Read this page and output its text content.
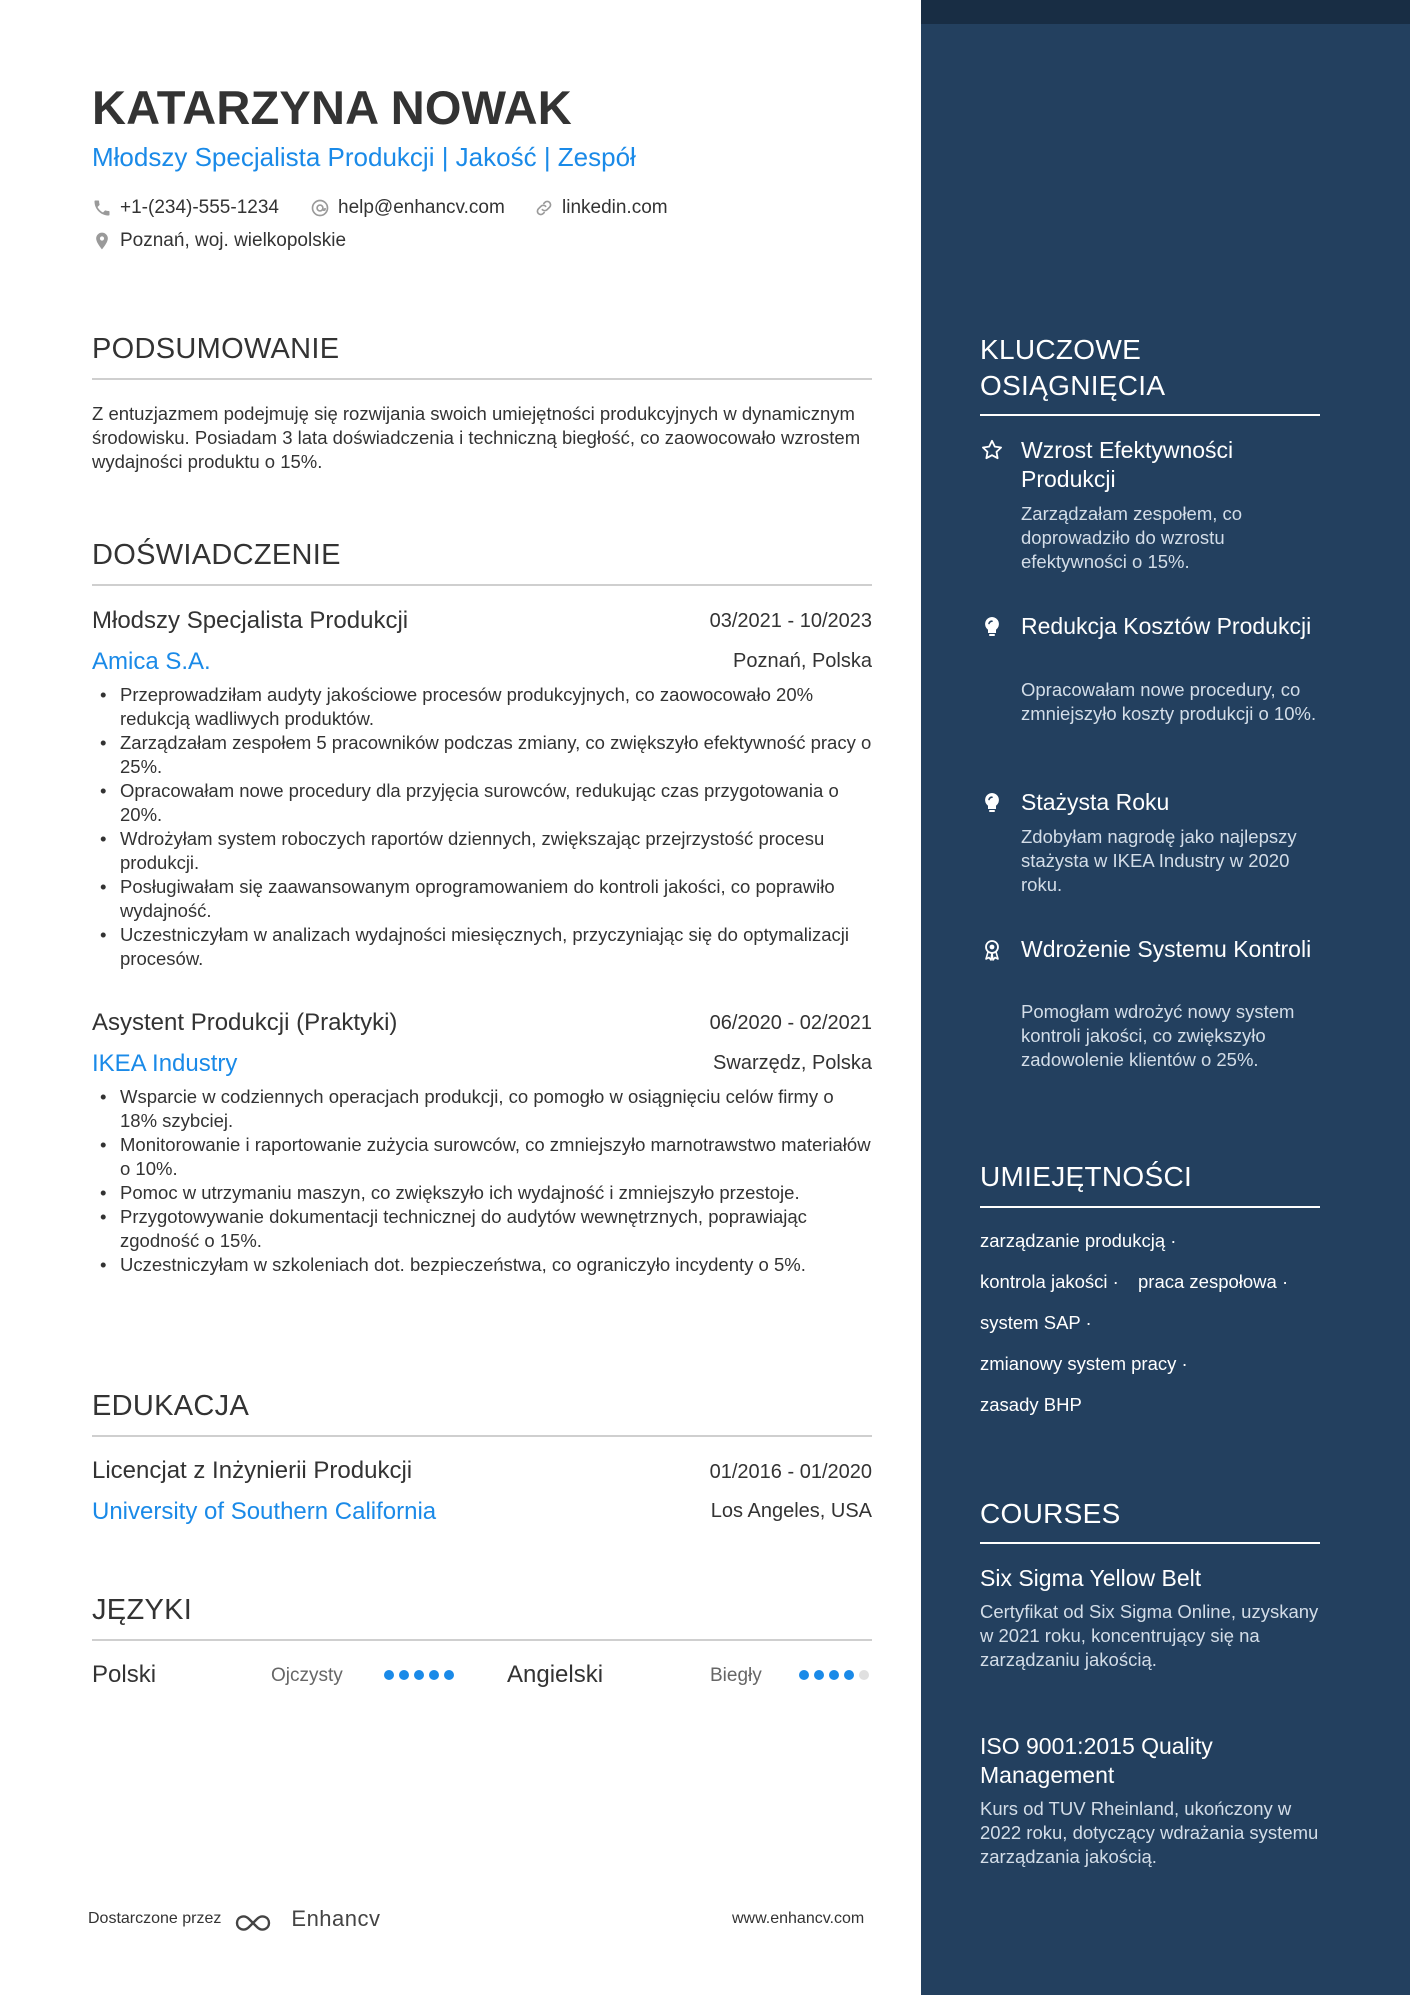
KATARZYNA NOWAK
Młodszy Specjalista Produkcji | Jakość | Zespół
+1-(234)-555-1234	help@enhancv.com	linkedin.com
Poznań, woj. wielkopolskie
PODSUMOWANIE
Z entuzjazmem podejmuję się rozwijania swoich umiejętności produkcyjnych w dynamicznym środowisku. Posiadam 3 lata doświadczenia i techniczną biegłość, co zaowocowało wzrostem wydajności produktu o 15%.
DOŚWIADCZENIE
Młodszy Specjalista Produkcji	03/2021 - 10/2023
Amica S.A.	Poznań, Polska
• Przeprowadziłam audyty jakościowe procesów produkcyjnych, co zaowocowało 20% redukcją wadliwych produktów.
• Zarządzałam zespołem 5 pracowników podczas zmiany, co zwiększyło efektywność pracy o 25%.
• Opracowałam nowe procedury dla przyjęcia surowców, redukując czas przygotowania o 20%.
• Wdrożyłam system roboczych raportów dziennych, zwiększając przejrzystość procesu produkcji.
• Posługiwałam się zaawansowanym oprogramowaniem do kontroli jakości, co poprawiło wydajność.
• Uczestniczyłam w analizach wydajności miesięcznych, przyczyniając się do optymalizacji procesów.
Asystent Produkcji (Praktyki)	06/2020 - 02/2021
IKEA Industry	Swarzędz, Polska
• Wsparcie w codziennych operacjach produkcji, co pomogło w osiągnięciu celów firmy o 18% szybciej.
• Monitorowanie i raportowanie zużycia surowców, co zmniejszyło marnotrawstwo materiałów o 10%.
• Pomoc w utrzymaniu maszyn, co zwiększyło ich wydajność i zmniejszyło przestoje.
• Przygotowywanie dokumentacji technicznej do audytów wewnętrznych, poprawiając zgodność o 15%.
• Uczestniczyłam w szkoleniach dot. bezpieczeństwa, co ograniczyło incydenty o 5%.
EDUKACJA
Licencjat z Inżynierii Produkcji	01/2016 - 01/2020
University of Southern California	Los Angeles, USA
JĘZYKI
Polski	Ojczysty	Angielski	Biegły
Dostarczone przez	Enhancv	www.enhancv.com
KLUCZOWE OSIĄGNIĘCIA
Wzrost Efektywności Produkcji
Zarządzałam zespołem, co doprowadziło do wzrostu efektywności o 15%.
Redukcja Kosztów Produkcji
Opracowałam nowe procedury, co zmniejszyło koszty produkcji o 10%.
Stażysta Roku
Zdobyłam nagrodę jako najlepszy stażysta w IKEA Industry w 2020 roku.
Wdrożenie Systemu Kontroli
Pomogłam wdrożyć nowy system kontroli jakości, co zwiększyło zadowolenie klientów o 25%.
UMIEJĘTNOŚCI
zarządzanie produkcją ·
kontrola jakości · praca zespołowa ·
system SAP ·
zmianowy system pracy ·
zasady BHP
COURSES
Six Sigma Yellow Belt
Certyfikat od Six Sigma Online, uzyskany w 2021 roku, koncentrujący się na zarządzaniu jakością.
ISO 9001:2015 Quality Management
Kurs od TUV Rheinland, ukończony w 2022 roku, dotyczący wdrażania systemu zarządzania jakością.
